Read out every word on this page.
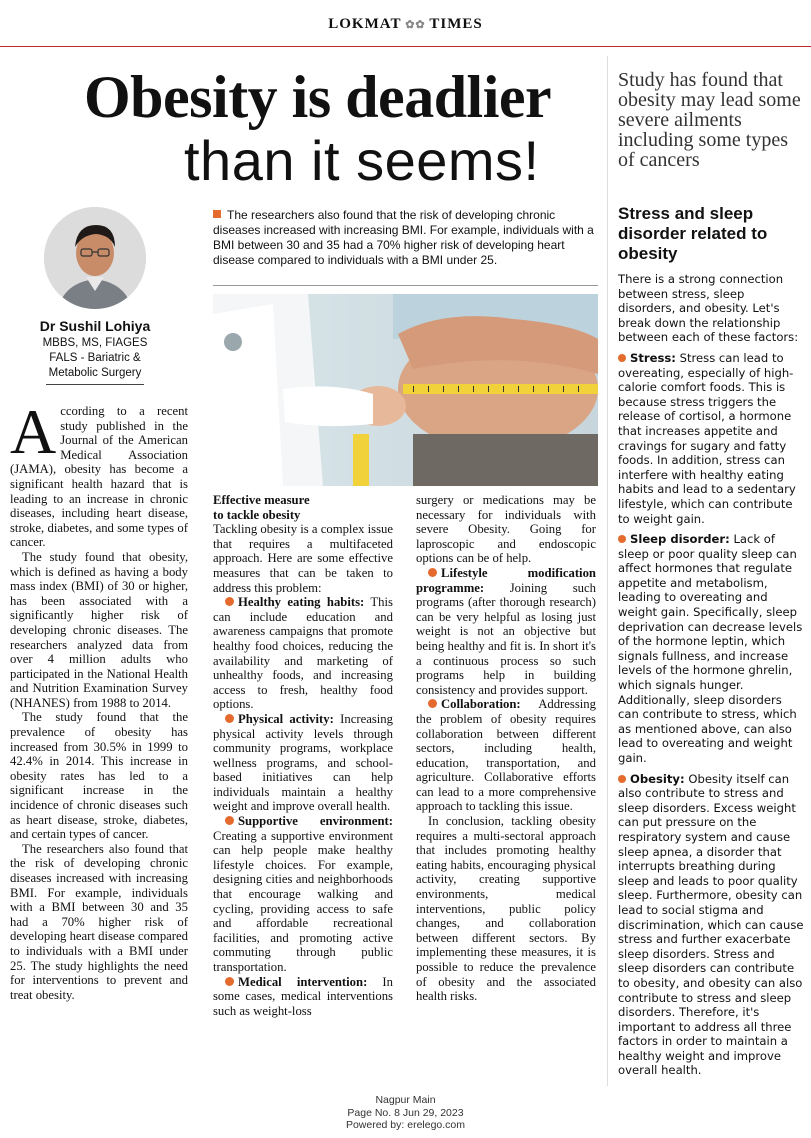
LOKMAT ✿✿ TIMES
Obesity is deadlier
than it seems!
Study has found that obesity may lead some severe ailments including some types of cancers
Dr Sushil Lohiya
MBBS, MS, FIAGES
FALS - Bariatric &
Metabolic Surgery
The researchers also found that the risk of developing chronic diseases increased with increasing BMI. For example, individuals with a BMI between 30 and 35 had a 70% higher risk of developing heart disease compared to individuals with a BMI under 25.

According to a recent study published in the Journal of the American Medical Association (JAMA), obesity has become a significant health hazard that is leading to an increase in chronic diseases, including heart disease, stroke, diabetes, and some types of cancer.

The study found that obesity, which is defined as having a body mass index (BMI) of 30 or higher, has been associated with a significantly higher risk of developing chronic diseases. The researchers analyzed data from over 4 million adults who participated in the National Health and Nutrition Examination Survey (NHANES) from 1988 to 2014.

The study found that the prevalence of obesity has increased from 30.5% in 1999 to 42.4% in 2014. This increase in obesity rates has led to a significant increase in the incidence of chronic diseases such as heart disease, stroke, diabetes, and certain types of cancer.

The researchers also found that the risk of developing chronic diseases increased with increasing BMI. For example, individuals with a BMI between 30 and 35 had a 70% higher risk of developing heart disease compared to individuals with a BMI under 25. The study highlights the need for interventions to prevent and treat obesity.

Effective measure
to tackle obesity

Tackling obesity is a complex issue that requires a multifaceted approach. Here are some effective measures that can be taken to address this problem:

Healthy eating habits: This can include education and awareness campaigns that promote healthy food choices, reducing the availability and marketing of unhealthy foods, and increasing access to fresh, healthy food options.

Physical activity: Increasing physical activity levels through community programs, workplace wellness programs, and school-based initiatives can help individuals maintain a healthy weight and improve overall health.

Supportive environment: Creating a supportive environment can help people make healthy lifestyle choices. For example, designing cities and neighborhoods that encourage walking and cycling, providing access to safe and affordable recreational facilities, and promoting active commuting through public transportation.

Medical intervention: In some cases, medical interventions such as weight-loss

surgery or medications may be necessary for individuals with severe Obesity. Going for laproscopic and endoscopic options can be of help.

Lifestyle modification programme: Joining such programs (after thorough research) can be very helpful as losing just weight is not an objective but being healthy and fit is. In short it's a continuous process so such programs help in building consistency and provides support.

Collaboration: Addressing the problem of obesity requires collaboration between different sectors, including health, education, transportation, and agriculture. Collaborative efforts can lead to a more comprehensive approach to tackling this issue.

In conclusion, tackling obesity requires a multi-sectoral approach that includes promoting healthy eating habits, encouraging physical activity, creating supportive environments, medical interventions, public policy changes, and collaboration between different sectors. By implementing these measures, it is possible to reduce the prevalence of obesity and the associated health risks.

Stress and sleep disorder related to obesity

There is a strong connection between stress, sleep disorders, and obesity. Let's break down the relationship between each of these factors:

Stress: Stress can lead to overeating, especially of high-calorie comfort foods. This is because stress triggers the release of cortisol, a hormone that increases appetite and cravings for sugary and fatty foods. In addition, stress can interfere with healthy eating habits and lead to a sedentary lifestyle, which can contribute to weight gain.

Sleep disorder: Lack of sleep or poor quality sleep can affect hormones that regulate appetite and metabolism, leading to overeating and weight gain. Specifically, sleep deprivation can decrease levels of the hormone leptin, which signals fullness, and increase levels of the hormone ghrelin, which signals hunger. Additionally, sleep disorders can contribute to stress, which as mentioned above, can also lead to overeating and weight gain.

Obesity: Obesity itself can also contribute to stress and sleep disorders. Excess weight can put pressure on the respiratory system and cause sleep apnea, a disorder that interrupts breathing during sleep and leads to poor quality sleep. Furthermore, obesity can lead to social stigma and discrimination, which can cause stress and further exacerbate sleep disorders. Stress and sleep disorders can contribute to obesity, and obesity can also contribute to stress and sleep disorders. Therefore, it's important to address all three factors in order to maintain a healthy weight and improve overall health.

Nagpur Main
Page No. 8 Jun 29, 2023
Powered by: erelego.com
